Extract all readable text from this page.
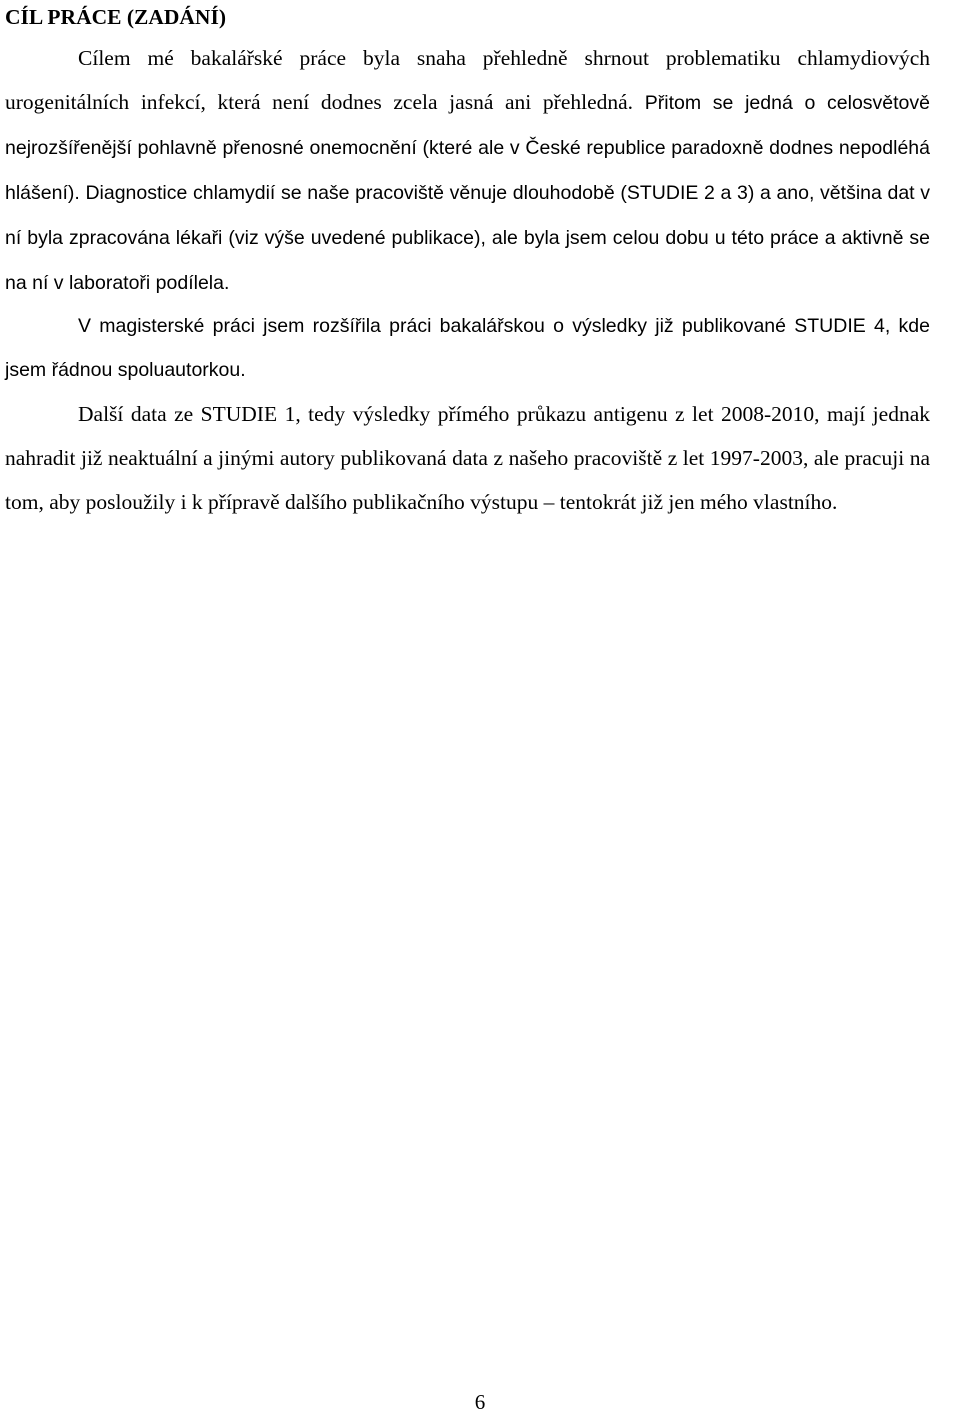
CÍL PRÁCE (ZADÁNÍ)

Cílem mé bakalářské práce byla snaha přehledně shrnout problematiku chlamydiových urogenitálních infekcí, která není dodnes zcela jasná ani přehledná. Přitom se jedná o celosvětově nejrozšířenější pohlavně přenosné onemocnění (které ale v České republice paradoxně dodnes nepodléhá hlášení). Diagnostice chlamydií se naše pracoviště věnuje dlouhodobě (STUDIE 2 a 3) a ano, většina dat v ní byla zpracována lékaři (viz výše uvedené publikace), ale byla jsem celou dobu u této práce a aktivně se na ní v laboratoři podílela.

V magisterské práci jsem rozšířila práci bakalářskou o výsledky již publikované STUDIE 4, kde jsem řádnou spoluautorkou.

Další data ze STUDIE 1, tedy výsledky přímého průkazu antigenu z let 2008-2010, mají jednak nahradit již neaktuální a jinými autory publikovaná data z našeho pracoviště z let 1997-2003, ale pracuji na tom, aby posloužily i k přípravě dalšího publikačního výstupu – tentokrát již jen mého vlastního.

6
